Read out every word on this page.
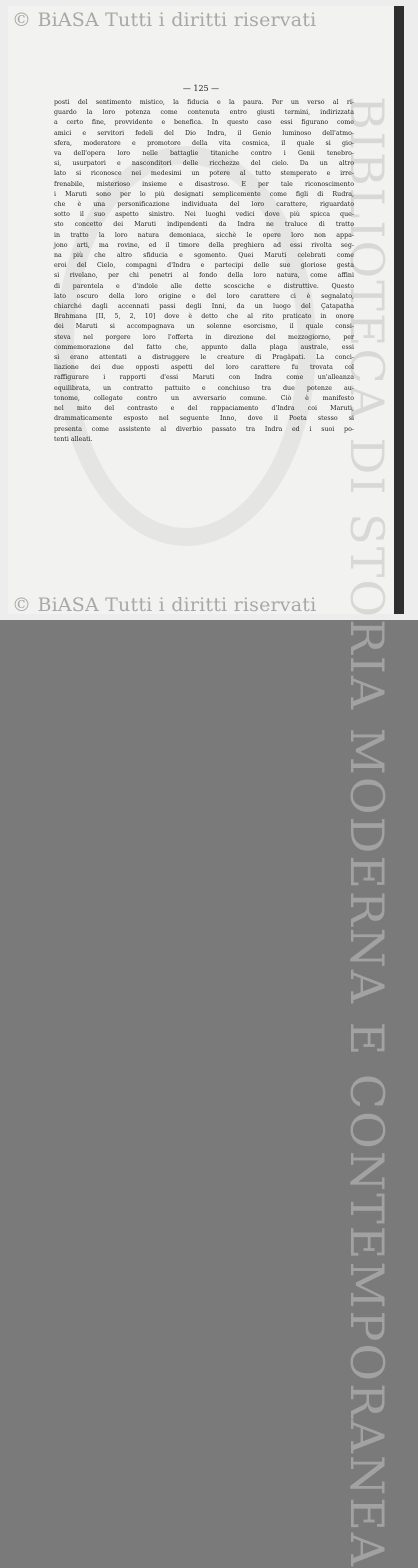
© BiASA Tutti i diritti riservati
BIBLIOTECA DI STORIA MODERNA E CONTEMPORANEA
— 125 —
posti del sentimento mistico, la fiducia e la paura. Per un verso al ri-
guardo la loro potenza come contenuta entro giusti termini, indirizzata
a certo fine, provvidente e benefica. In questo caso essi figurano come
amici e servitori fedeli del Dio Indra, il Genio luminoso dell'atmo-
sfera, moderatore e promotore della vita cosmica, il quale si gio-
va dell'opera loro nelle battaglie titaniche contro i Genii tenebro-
si, usurpatori e nasconditori delle ricchezze del cielo. Da un altro
lato si riconosce nei medesimi un potere al tutto stemperato e irre-
frenabile, misterioso insieme e disastroso. E per tale riconoscimento
i Maruti sono per lo più designati semplicemente come figli di Rudra,
che è una personificazione individuata del loro carattere, riguardato
sotto il suo aspetto sinistro. Nei luoghi vedici dove più spicca que-
sto concetto dei Maruti indipendenti da Indra ne traluce di tratto
in tratto la loro natura demoniaca, sicchè le opere loro non appa-
jono arti, ma rovine, ed il timore della preghiera ad essi rivolta seg-
na più che altro sfiducia e sgomento. Quei Maruti celebrati come
eroi del Cielo, compagni d'Indra e partecipi delle sue gloriose gesta
si rivelano, per chi penetri al fondo della loro natura, come affini
di parentela e d'indole alle dette scosciche e distruttive. Questo
lato oscuro della loro origine e del loro carattere ci è segnalato,
chiarché dagli accennati passi degli Inni, da un luogo del Çatapatha
Brahmana [II, 5, 2, 10] dove è detto che al rito praticato in onore
dei Maruti si accompagnava un solenne esorcismo, il quale consi-
steva nel porgere loro l'offerta in direzione del mezzogiorno, per
commemorazione del fatto che, appunto dalla plaga australe, essi
si erano attentati a distruggere le creature di Pragâpati. La conci-
liazione dei due opposti aspetti del loro carattere fu trovata col
raffigurare i rapporti d'essi Maruti con Indra come un'alleanza
equilibrata, un contratto pattuito e conchiuso tra due potenze au-
tonome, collegate contro un avversario comune. Ciò è manifesto
nel mito del contrasto e del rappaciamento d'Indra coi Maruti,
drammaticamente esposto nel seguente Inno, dove il Poeta stesso si
presenta come assistente al diverbio passato tra Indra ed i suoi po-
tenti alleati.
© BiASA Tutti i diritti riservati
